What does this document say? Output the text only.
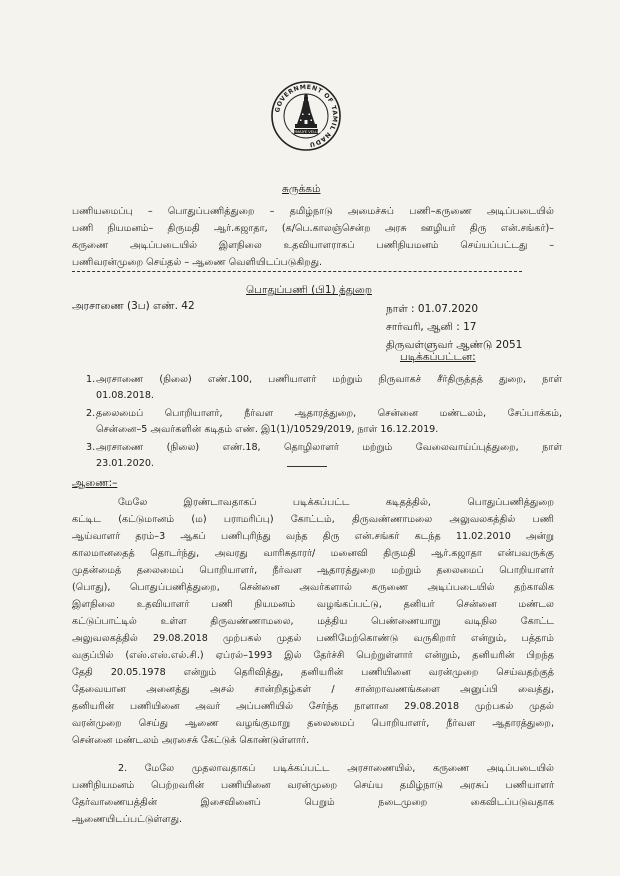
GOVERNMENT OF TAMIL NADU
VAYMAIYE VELLUM
சுருக்கம்
பணியமைப்பு – பொதுப்பணித்துறை – தமிழ்நாடு அமைச்சுப் பணி–கருணை அடிப்படையில்
பணி நியமனம்– திருமதி ஆர்.கஜாதா, (க/பெ.காலஞ்சென்ற அரசு ஊழியர் திரு என்.சங்கர்)–
கருணை அடிப்படையில் இளநிலை உதவியாளராகப் பணிநியமனம் செய்யப்பட்டது –
பணிவரன்முறை செய்தல் – ஆணை வெளியிடப்படுகிறது.
பொதுப்பணி (பி1) த்துறை
அரசாணை (3ப) எண். 42	நாள் : 01.07.2020
சார்வரி, ஆனி : 17
திருவள்ளுவர் ஆண்டு 2051
படிக்கப்பட்டன:
1. அரசாணை (நிலை) எண்.100, பணியாளர் மற்றும் நிருவாகச் சீர்திருத்தத் துறை, நாள்
01.08.2018.
2. தலைமைப் பொறியாளர், நீர்வள ஆதாரத்துறை, சென்னை மண்டலம், சேப்பாக்கம்,
சென்னை–5 அவர்களின் கடிதம் எண். இ1(1)/10529/2019, நாள் 16.12.2019.
3. அரசாணை (நிலை) எண்.18, தொழிலாளர் மற்றும் வேலைவாய்ப்புத்துறை, நாள்
23.01.2020.
ஆணை:–
மேலே இரண்டாவதாகப் படிக்கப்பட்ட கடிதத்தில், பொதுப்பணித்துறை
கட்டிட (கட்டுமானம் (ம) பராமரிப்பு) கோட்டம், திருவண்ணாமலை அலுவலகத்தில் பணி
ஆய்வாளர் தரம்–3 ஆகப் பணிபுரிந்து வந்த திரு என்.சங்கர் கடந்த 11.02.2010 அன்று
காலமானதைத் தொடர்ந்து, அவரது வாரிசுதாரர்/ மனைவி திருமதி ஆர்.கஜாதா என்பவருக்கு
முதன்மைத் தலைமைப் பொறியாளர், நீர்வள ஆதாரத்துறை மற்றும் தலைமைப் பொறியாளர்
(பொது), பொதுப்பணித்துறை, சென்னை அவர்களால் கருணை அடிப்படையில் தற்காலிக
இளநிலை உதவியாளர் பணி நியமனம் வழங்கப்பட்டு, தனியர் சென்னை மண்டல
கட்டுப்பாட்டில் உள்ள திருவண்ணாமலை, மத்திய பெண்ணையாறு வடிநில கோட்ட
அலுவலகத்தில் 29.08.2018 முற்பகல் முதல் பணிமேற்கொண்டு வருகிறார் என்றும், பத்தாம்
வகுப்பில் (எஸ்.எஸ்.எல்.சி.) ஏப்ரல்–1993 இல் தேர்ச்சி பெற்றுள்ளார் என்றும், தனியரின் பிறந்த
தேதி 20.05.1978 என்றும் தெரிவித்து, தனியரின் பணியினை வரன்முறை செய்வதற்குத்
தேவையான அனைத்து அசல் சான்றிதழ்கள் / சான்றாவணங்களை அனுப்பி வைத்து,
தனியரின் பணியினை அவர் அப்பணியில் சேர்ந்த நாளான 29.08.2018 முற்பகல் முதல்
வரன்முறை செய்து ஆணை வழங்குமாறு தலைமைப் பொறியாளர், நீர்வள ஆதாரத்துறை,
சென்னை மண்டலம் அரசைக் கேட்டுக் கொண்டுள்ளார்.
2. மேலே முதலாவதாகப் படிக்கப்பட்ட அரசாணையில், கருணை அடிப்படையில்
பணிநியமனம் பெற்றவரின் பணியினை வரன்முறை செய்ய தமிழ்நாடு அரசுப் பணியாளர்
தேர்வாணையத்தின் இசைவினைப் பெறும் நடைமுறை கைவிடப்படுவதாக
ஆணையிடப்பட்டுள்ளது.
